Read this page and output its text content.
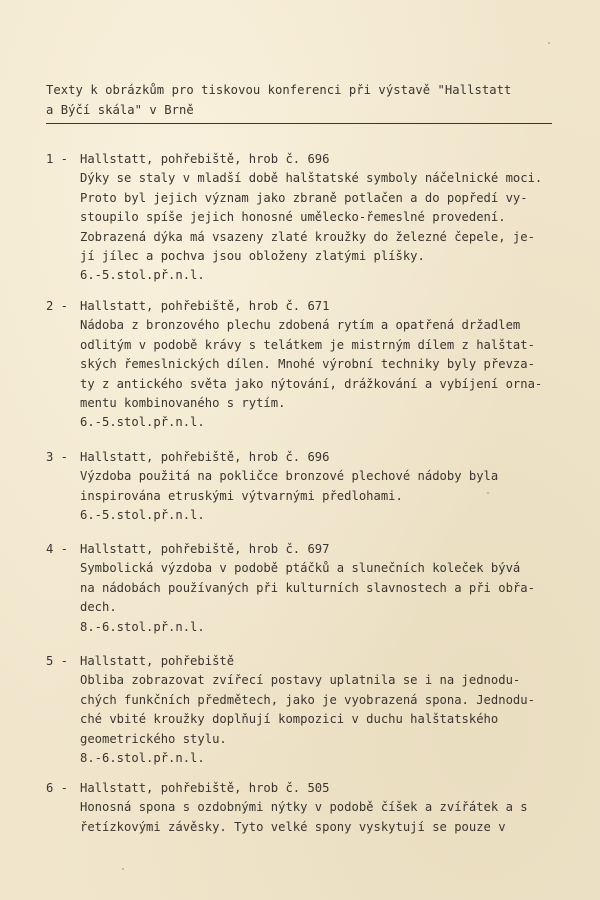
Texty k obrázkům pro tiskovou konferenci při výstavě "Hallstatt
a Býčí skála" v Brně
1 - Hallstatt, pohřebiště, hrob č. 696
Dýky se staly v mladší době halštatské symboly náčelnické moci.
Proto byl jejich význam jako zbraně potlačen a do popředí vy-
stoupilo spíše jejich honosné umělecko-řemeslné provedení.
Zobrazená dýka má vsazeny zlaté kroužky do železné čepele, je-
jí jílec a pochva jsou obloženy zlatými plíšky.
6.-5.stol.př.n.l.
2 - Hallstatt, pohřebiště, hrob č. 671
Nádoba z bronzového plechu zdobená rytím a opatřená držadlem
odlitým v podobě krávy s telátkem je mistrným dílem z halštat-
ských řemeslnických dílen. Mnohé výrobní techniky byly převza-
ty z antického světa jako nýtování, drážkování a vybíjení orna-
mentu kombinovaného s rytím.
6.-5.stol.př.n.l.
3 - Hallstatt, pohřebiště, hrob č. 696
Výzdoba použitá na pokličce bronzové plechové nádoby byla
inspirována etruskými výtvarnými předlohami.
6.-5.stol.př.n.l.
4 - Hallstatt, pohřebiště, hrob č. 697
Symbolická výzdoba v podobě ptáčků a slunečních koleček bývá
na nádobách používaných při kulturních slavnostech a při obřa-
dech.
8.-6.stol.př.n.l.
5 - Hallstatt, pohřebiště
Obliba zobrazovat zvířecí postavy uplatnila se i na jednodu-
chých funkčních předmětech, jako je vyobrazená spona. Jednodu-
ché vbité kroužky doplňují kompozici v duchu halštatského
geometrického stylu.
8.-6.stol.př.n.l.
6 - Hallstatt, pohřebiště, hrob č. 505
Honosná spona s ozdobnými nýtky v podobě číšek a zvířátek a s
řetízkovými závěsky. Tyto velké spony vyskytují se pouze v
